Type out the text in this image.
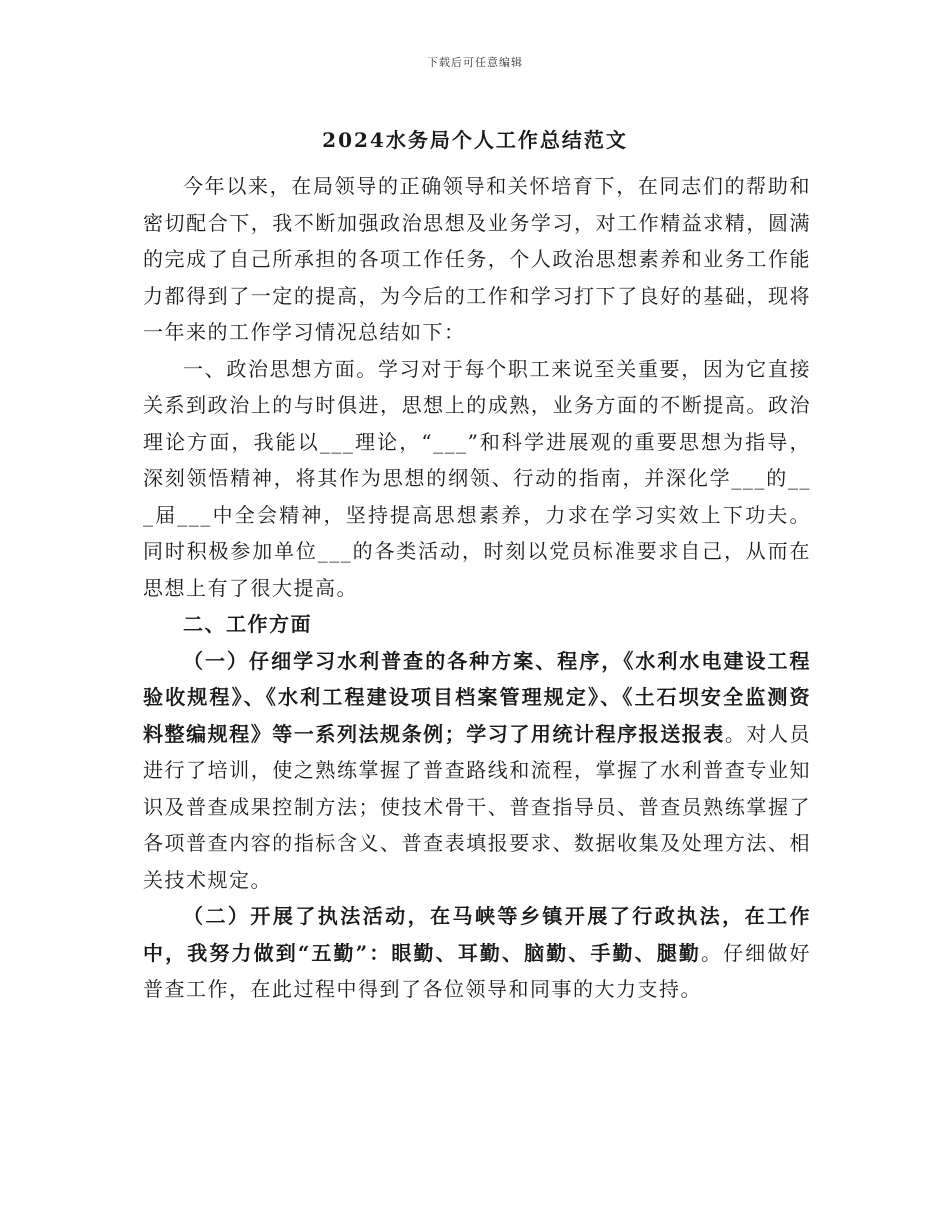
下载后可任意编辑
2024水务局个人工作总结范文

今年以来，在局领导的正确领导和关怀培育下，在同志们的帮助和密切配合下，我不断加强政治思想及业务学习，对工作精益求精，圆满的完成了自己所承担的各项工作任务，个人政治思想素养和业务工作能力都得到了一定的提高，为今后的工作和学习打下了良好的基础，现将一年来的工作学习情况总结如下：

一、政治思想方面。学习对于每个职工来说至关重要，因为它直接关系到政治上的与时俱进，思想上的成熟，业务方面的不断提高。政治理论方面，我能以___理论，“___”和科学进展观的重要思想为指导，深刻领悟精神，将其作为思想的纲领、行动的指南，并深化学___的___届___中全会精神，坚持提高思想素养，力求在学习实效上下功夫。同时积极参加单位___的各类活动，时刻以党员标准要求自己，从而在思想上有了很大提高。

二、工作方面

（一）仔细学习水利普查的各种方案、程序，《水利水电建设工程验收规程》、《水利工程建设项目档案管理规定》、《土石坝安全监测资料整编规程》等一系列法规条例；学习了用统计程序报送报表。对人员进行了培训，使之熟练掌握了普查路线和流程，掌握了水利普查专业知识及普查成果控制方法；使技术骨干、普查指导员、普查员熟练掌握了各项普查内容的指标含义、普查表填报要求、数据收集及处理方法、相关技术规定。

（二）开展了执法活动，在马峡等乡镇开展了行政执法，在工作中，我努力做到“五勤”：眼勤、耳勤、脑勤、手勤、腿勤。仔细做好普查工作，在此过程中得到了各位领导和同事的大力支持。
